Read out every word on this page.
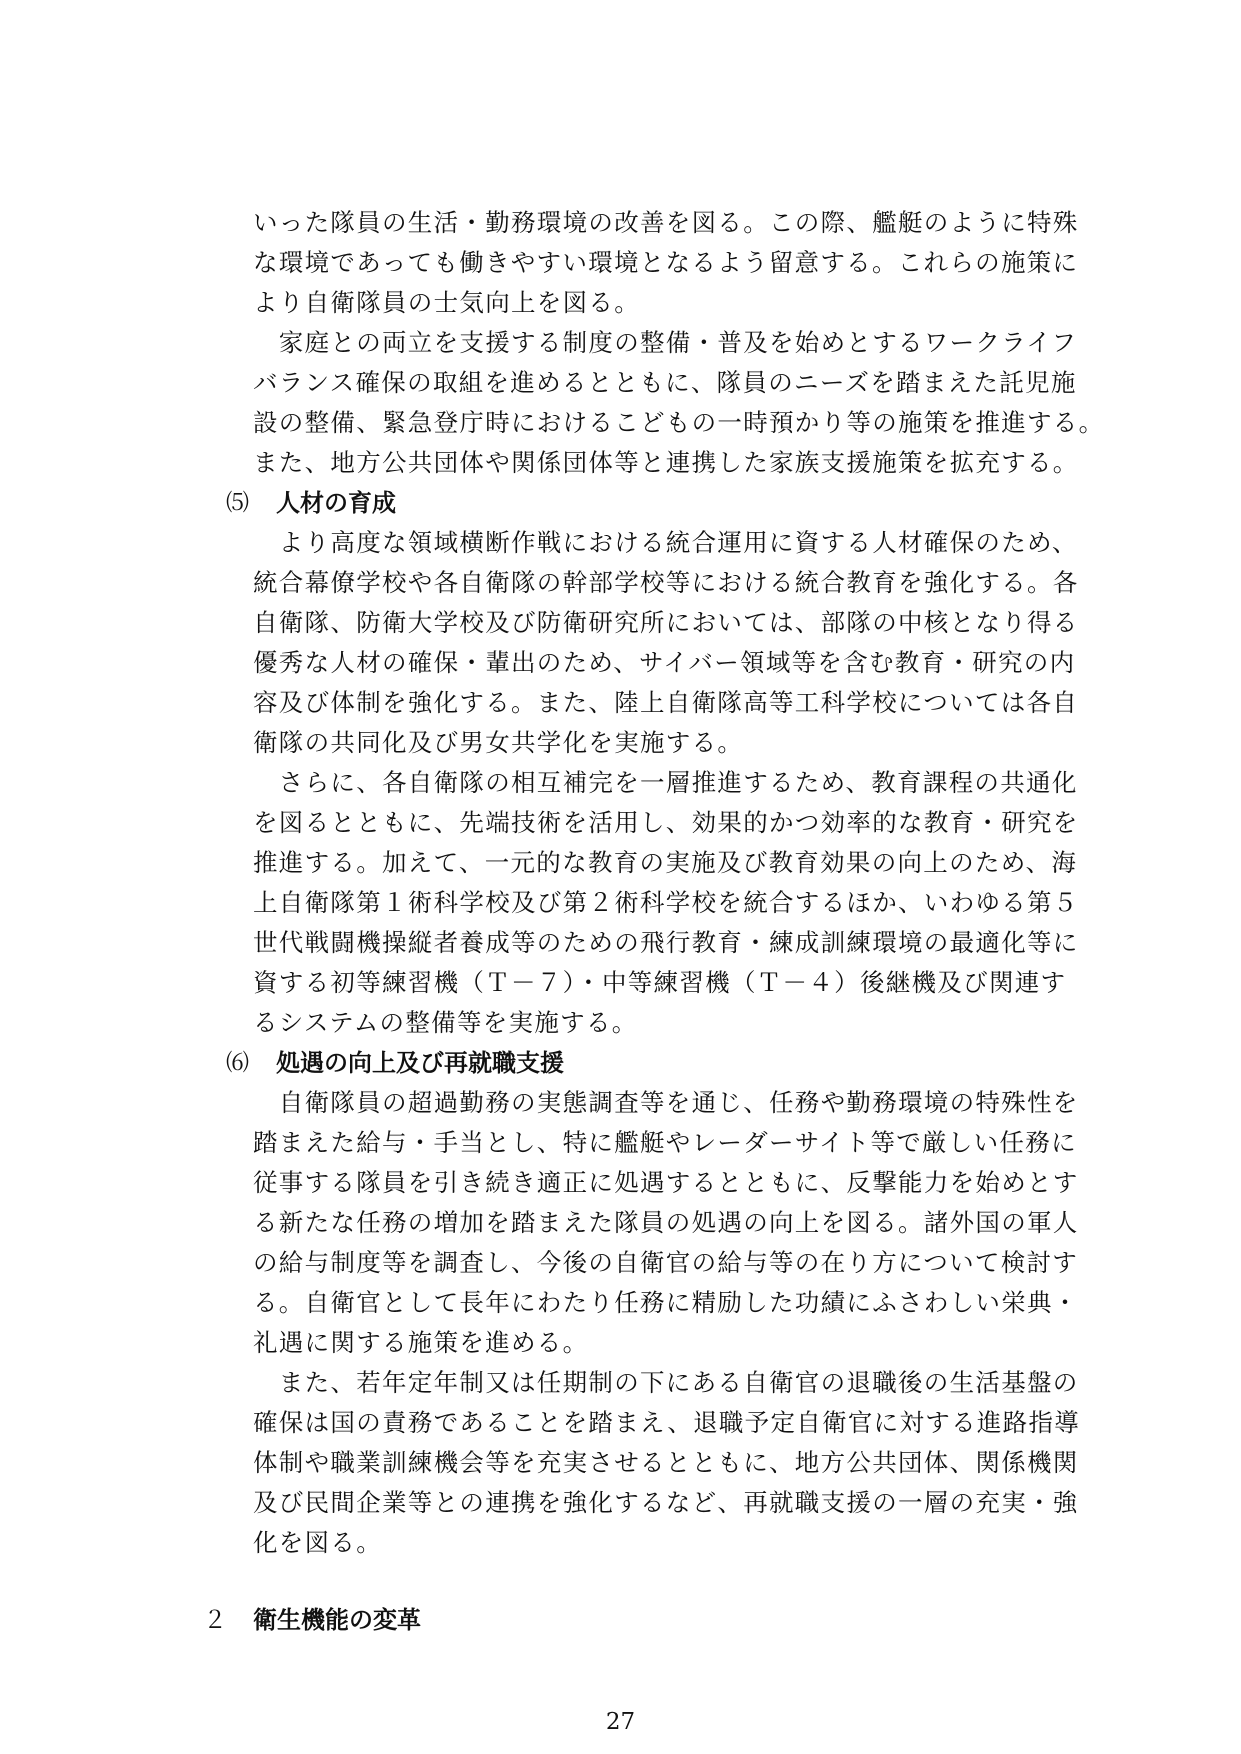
いった隊員の生活・勤務環境の改善を図る。この際、艦艇のように特殊
な環境であっても働きやすい環境となるよう留意する。これらの施策に
より自衛隊員の士気向上を図る。
　家庭との両立を支援する制度の整備・普及を始めとするワークライフ
バランス確保の取組を進めるとともに、隊員のニーズを踏まえた託児施
設の整備、緊急登庁時におけるこどもの一時預かり等の施策を推進する。
また、地方公共団体や関係団体等と連携した家族支援施策を拡充する。
⑸ 人材の育成
　より高度な領域横断作戦における統合運用に資する人材確保のため、
統合幕僚学校や各自衛隊の幹部学校等における統合教育を強化する。各
自衛隊、防衛大学校及び防衛研究所においては、部隊の中核となり得る
優秀な人材の確保・輩出のため、サイバー領域等を含む教育・研究の内
容及び体制を強化する。また、陸上自衛隊高等工科学校については各自
衛隊の共同化及び男女共学化を実施する。
　さらに、各自衛隊の相互補完を一層推進するため、教育課程の共通化
を図るとともに、先端技術を活用し、効果的かつ効率的な教育・研究を
推進する。加えて、一元的な教育の実施及び教育効果の向上のため、海
上自衛隊第１術科学校及び第２術科学校を統合するほか、いわゆる第５
世代戦闘機操縦者養成等のための飛行教育・練成訓練環境の最適化等に
資する初等練習機（Ｔ－７）・中等練習機（Ｔ－４）後継機及び関連す
るシステムの整備等を実施する。
⑹ 処遇の向上及び再就職支援
　自衛隊員の超過勤務の実態調査等を通じ、任務や勤務環境の特殊性を
踏まえた給与・手当とし、特に艦艇やレーダーサイト等で厳しい任務に
従事する隊員を引き続き適正に処遇するとともに、反撃能力を始めとす
る新たな任務の増加を踏まえた隊員の処遇の向上を図る。諸外国の軍人
の給与制度等を調査し、今後の自衛官の給与等の在り方について検討す
る。自衛官として長年にわたり任務に精励した功績にふさわしい栄典・
礼遇に関する施策を進める。
　また、若年定年制又は任期制の下にある自衛官の退職後の生活基盤の
確保は国の責務であることを踏まえ、退職予定自衛官に対する進路指導
体制や職業訓練機会等を充実させるとともに、地方公共団体、関係機関
及び民間企業等との連携を強化するなど、再就職支援の一層の充実・強
化を図る。
２ 衛生機能の変革
27
